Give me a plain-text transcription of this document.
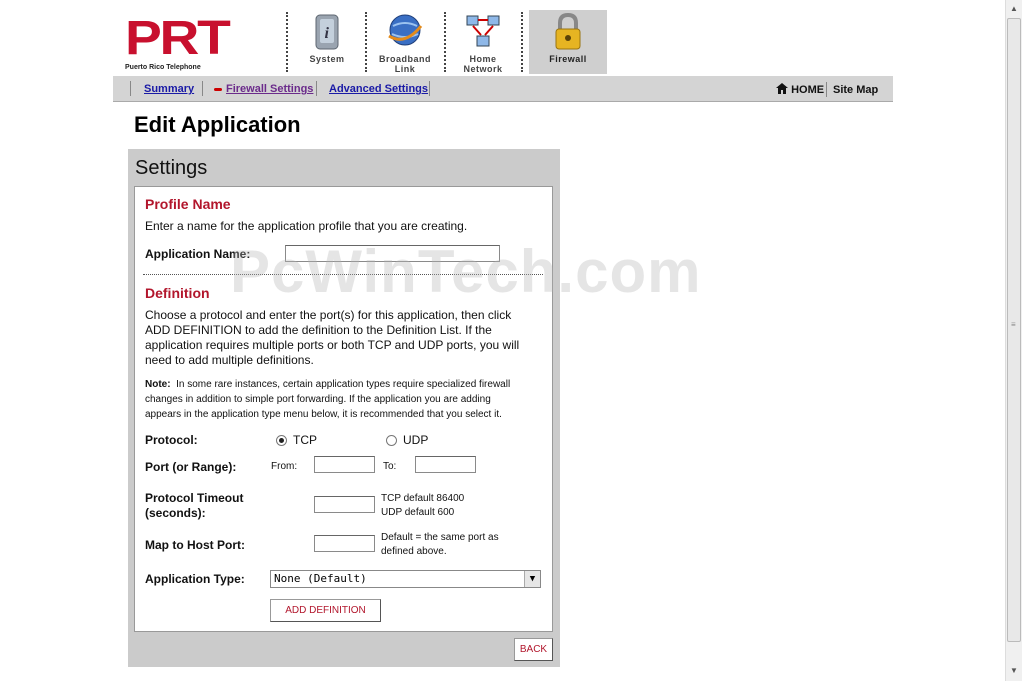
PRT
Puerto Rico Telephone
i
System	Broadband
Link
Home
Network
Firewall
Summary	Firewall Settings Advanced Settings	HOME Site Map
Edit Application
Settings
Profile Name
Enter a name for the application profile that you are creating.
Application Name:
Definition
Choose a protocol and enter the port(s) for this application, then click
ADD DEFINITION to add the definition to the Definition List. If the
application requires multiple ports or both TCP and UDP ports, you will
need to add multiple definitions.
Note: In some rare instances, certain application types require specialized firewall
changes in addition to simple port forwarding. If the application you are adding
appears in the application type menu below, it is recommended that you select it.
Protocol:	TCP	UDP
Port (or Range):	From:	To:
Protocol Timeout
(seconds):
TCP default 86400
UDP default 600
Map to Host Port:
Default = the same port as
defined above.
Application Type:	None (Default)	▼
ADD DEFINITION
BACK
PcWinTech.com
▲
≡
▼
